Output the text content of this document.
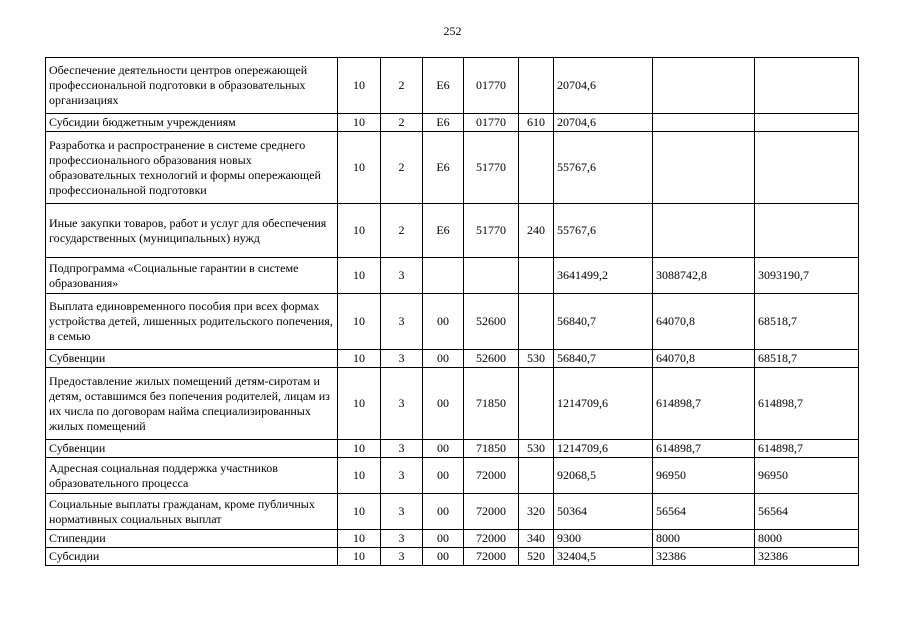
252
Обеспечение деятельности центров опережающей профессиональной подготовки в образовательных организациях	10	2	Е6	01770		20704,6		
Субсидии бюджетным учреждениям	10	2	Е6	01770	610	20704,6		
Разработка и распространение в системе среднего профессионального образования новых образовательных технологий и формы опережающей профессиональной подготовки	10	2	Е6	51770		55767,6		
Иные закупки товаров, работ и услуг для обеспечения государственных (муниципальных) нужд	10	2	Е6	51770	240	55767,6		
Подпрограмма «Социальные гарантии в системе образования»	10	3				3641499,2	3088742,8	3093190,7
Выплата единовременного пособия при всех формах устройства детей, лишенных родительского попечения, в семью	10	3	00	52600		56840,7	64070,8	68518,7
Субвенции	10	3	00	52600	530	56840,7	64070,8	68518,7
Предоставление жилых помещений детям-сиротам и детям, оставшимся без попечения родителей, лицам из их числа по договорам найма специализированных жилых помещений	10	3	00	71850		1214709,6	614898,7	614898,7
Субвенции	10	3	00	71850	530	1214709,6	614898,7	614898,7
Адресная социальная поддержка участников образовательного процесса	10	3	00	72000		92068,5	96950	96950
Социальные выплаты гражданам, кроме публичных нормативных социальных выплат	10	3	00	72000	320	50364	56564	56564
Стипендии	10	3	00	72000	340	9300	8000	8000
Субсидии	10	3	00	72000	520	32404,5	32386	32386
